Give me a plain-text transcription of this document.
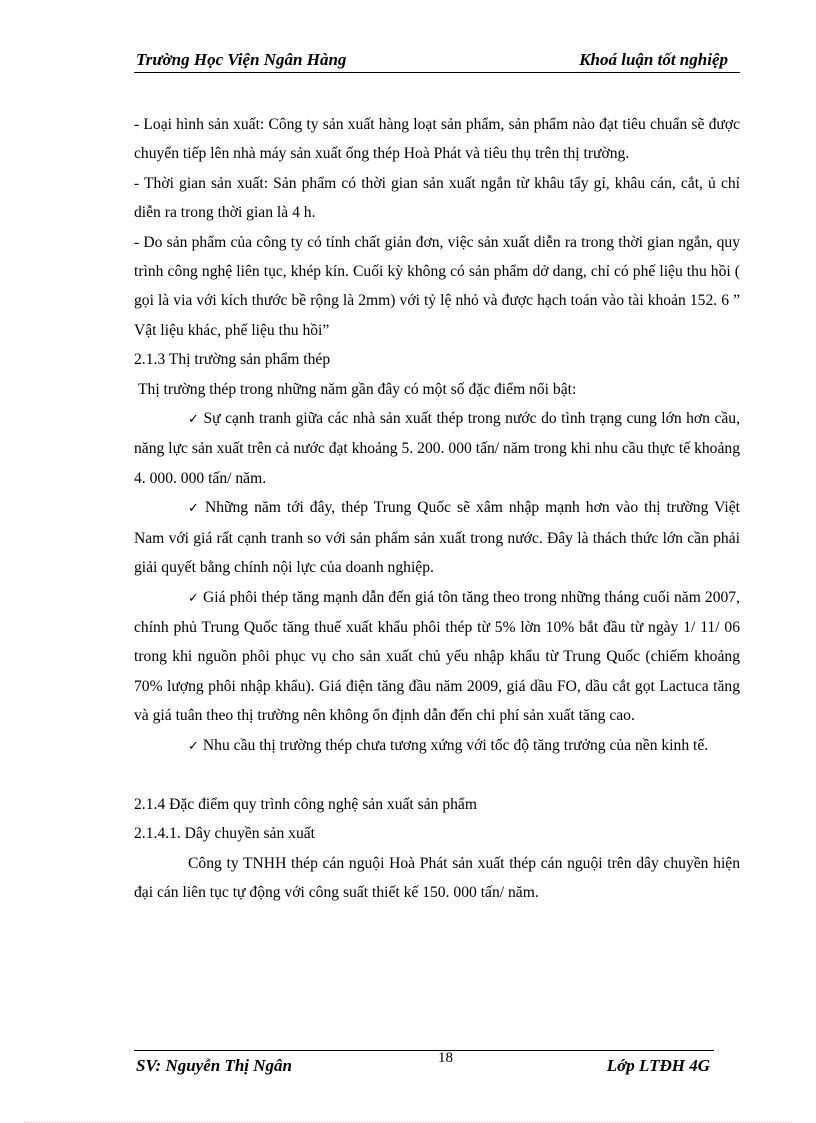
Trường Học Viện Ngân Hàng	Khoá luận tốt nghiệp

- Loại hình sản xuất: Công ty sản xuất hàng loạt sản phẩm, sản phẩm nào đạt tiêu chuẩn sẽ được chuyển tiếp lên nhà máy sản xuất ống thép Hoà Phát và tiêu thụ trên thị trường.

- Thời gian sản xuất: Sản phẩm có thời gian sản xuất ngắn từ khâu tẩy gỉ, khâu cán, cắt, ủ chỉ diễn ra trong thời gian là 4 h.

- Do sản phẩm của công ty có tính chất giản đơn, việc sản xuất diễn ra trong thời gian ngắn, quy trình công nghệ liên tục, khép kín. Cuối kỳ không có sản phẩm dở dang, chỉ có phế liệu thu hồi ( gọi là via với kích thước bề rộng là 2mm) với tỷ lệ nhỏ và được hạch toán vào tài khoản 152. 6 ” Vật liệu khác, phế liệu thu hồi”

2.1.3 Thị trường sản phẩm thép

Thị trường thép trong những năm gần đây có một số đặc điểm nổi bật:

✓ Sự cạnh tranh giữa các nhà sản xuất thép trong nước do tình trạng cung lớn hơn cầu, năng lực sản xuất trên cả nước đạt khoảng 5. 200. 000 tấn/ năm trong khi nhu cầu thực tế khoảng 4. 000. 000 tấn/ năm.

✓ Những năm tới đây, thép Trung Quốc sẽ xâm nhập mạnh hơn vào thị trường Việt Nam với giá rất cạnh tranh so với sản phẩm sản xuất trong nước. Đây là thách thức lớn cần phải giải quyết bằng chính nội lực của doanh nghiệp.

✓ Giá phôi thép tăng mạnh dẫn đến giá tôn tăng theo trong những tháng cuối năm 2007, chính phủ Trung Quốc tăng thuế xuất khẩu phôi thép từ 5% lờn 10% bắt đầu từ ngày 1/ 11/ 06 trong khi nguồn phôi phục vụ cho sản xuất chủ yếu nhập khẩu từ Trung Quốc (chiếm khoảng 70% lượng phôi nhập khẩu). Giá điện tăng đầu năm 2009, giá dầu FO, dầu cắt gọt Lactuca tăng và giá tuân theo thị trường nên không ổn định dẫn đến chi phí sản xuất tăng cao.

✓ Nhu cầu thị trường thép chưa tương xứng với tốc độ tăng trưởng của nền kinh tế.

2.1.4 Đặc điểm quy trình công nghệ sản xuất sản phẩm

2.1.4.1. Dây chuyền sản xuất

Công ty TNHH thép cán nguội Hoà Phát sản xuất thép cán nguội trên dây chuyền hiện đại cán liên tục tự động với công suất thiết kế 150. 000 tấn/ năm.

SV: Nguyễn Thị Ngân	18	Lớp LTĐH 4G
